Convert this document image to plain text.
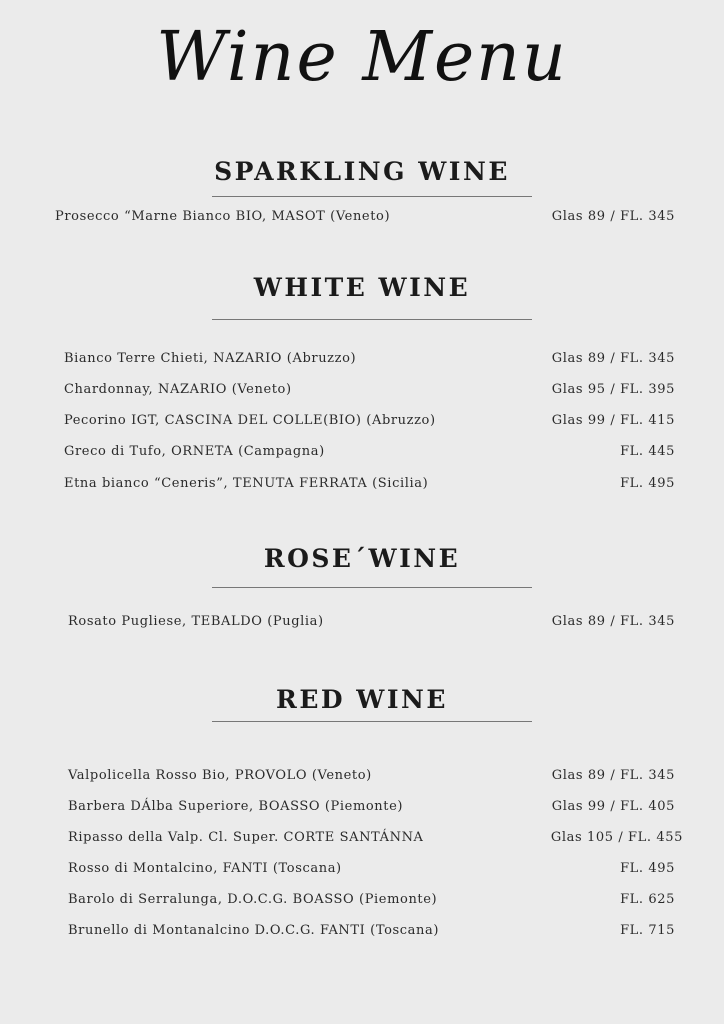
Wine Menu
SPARKLING WINE
Prosecco “Marne Bianco BIO, MASOT (Veneto)	Glas 89 / FL. 345
WHITE WINE
Bianco Terre Chieti, NAZARIO (Abruzzo)	Glas 89 / FL. 345
Chardonnay, NAZARIO (Veneto)	Glas 95 / FL. 395
Pecorino IGT, CASCINA DEL COLLE(BIO) (Abruzzo)	Glas 99 / FL. 415
Greco di Tufo, ORNETA (Campagna)	FL. 445
Etna bianco “Ceneris”, TENUTA FERRATA (Sicilia)	FL. 495
ROSE´WINE
Rosato Pugliese, TEBALDO (Puglia)	Glas 89 / FL. 345
RED WINE
Valpolicella Rosso Bio, PROVOLO (Veneto)	Glas 89 / FL. 345
Barbera DÁlba Superiore, BOASSO (Piemonte)	Glas 99 / FL. 405
Ripasso della Valp. Cl. Super. CORTE SANTÁNNA	Glas 105 / FL. 455
Rosso di Montalcino, FANTI (Toscana)	FL. 495
Barolo di Serralunga, D.O.C.G. BOASSO (Piemonte)	FL. 625
Brunello di Montanalcino D.O.C.G. FANTI (Toscana)	FL. 715
